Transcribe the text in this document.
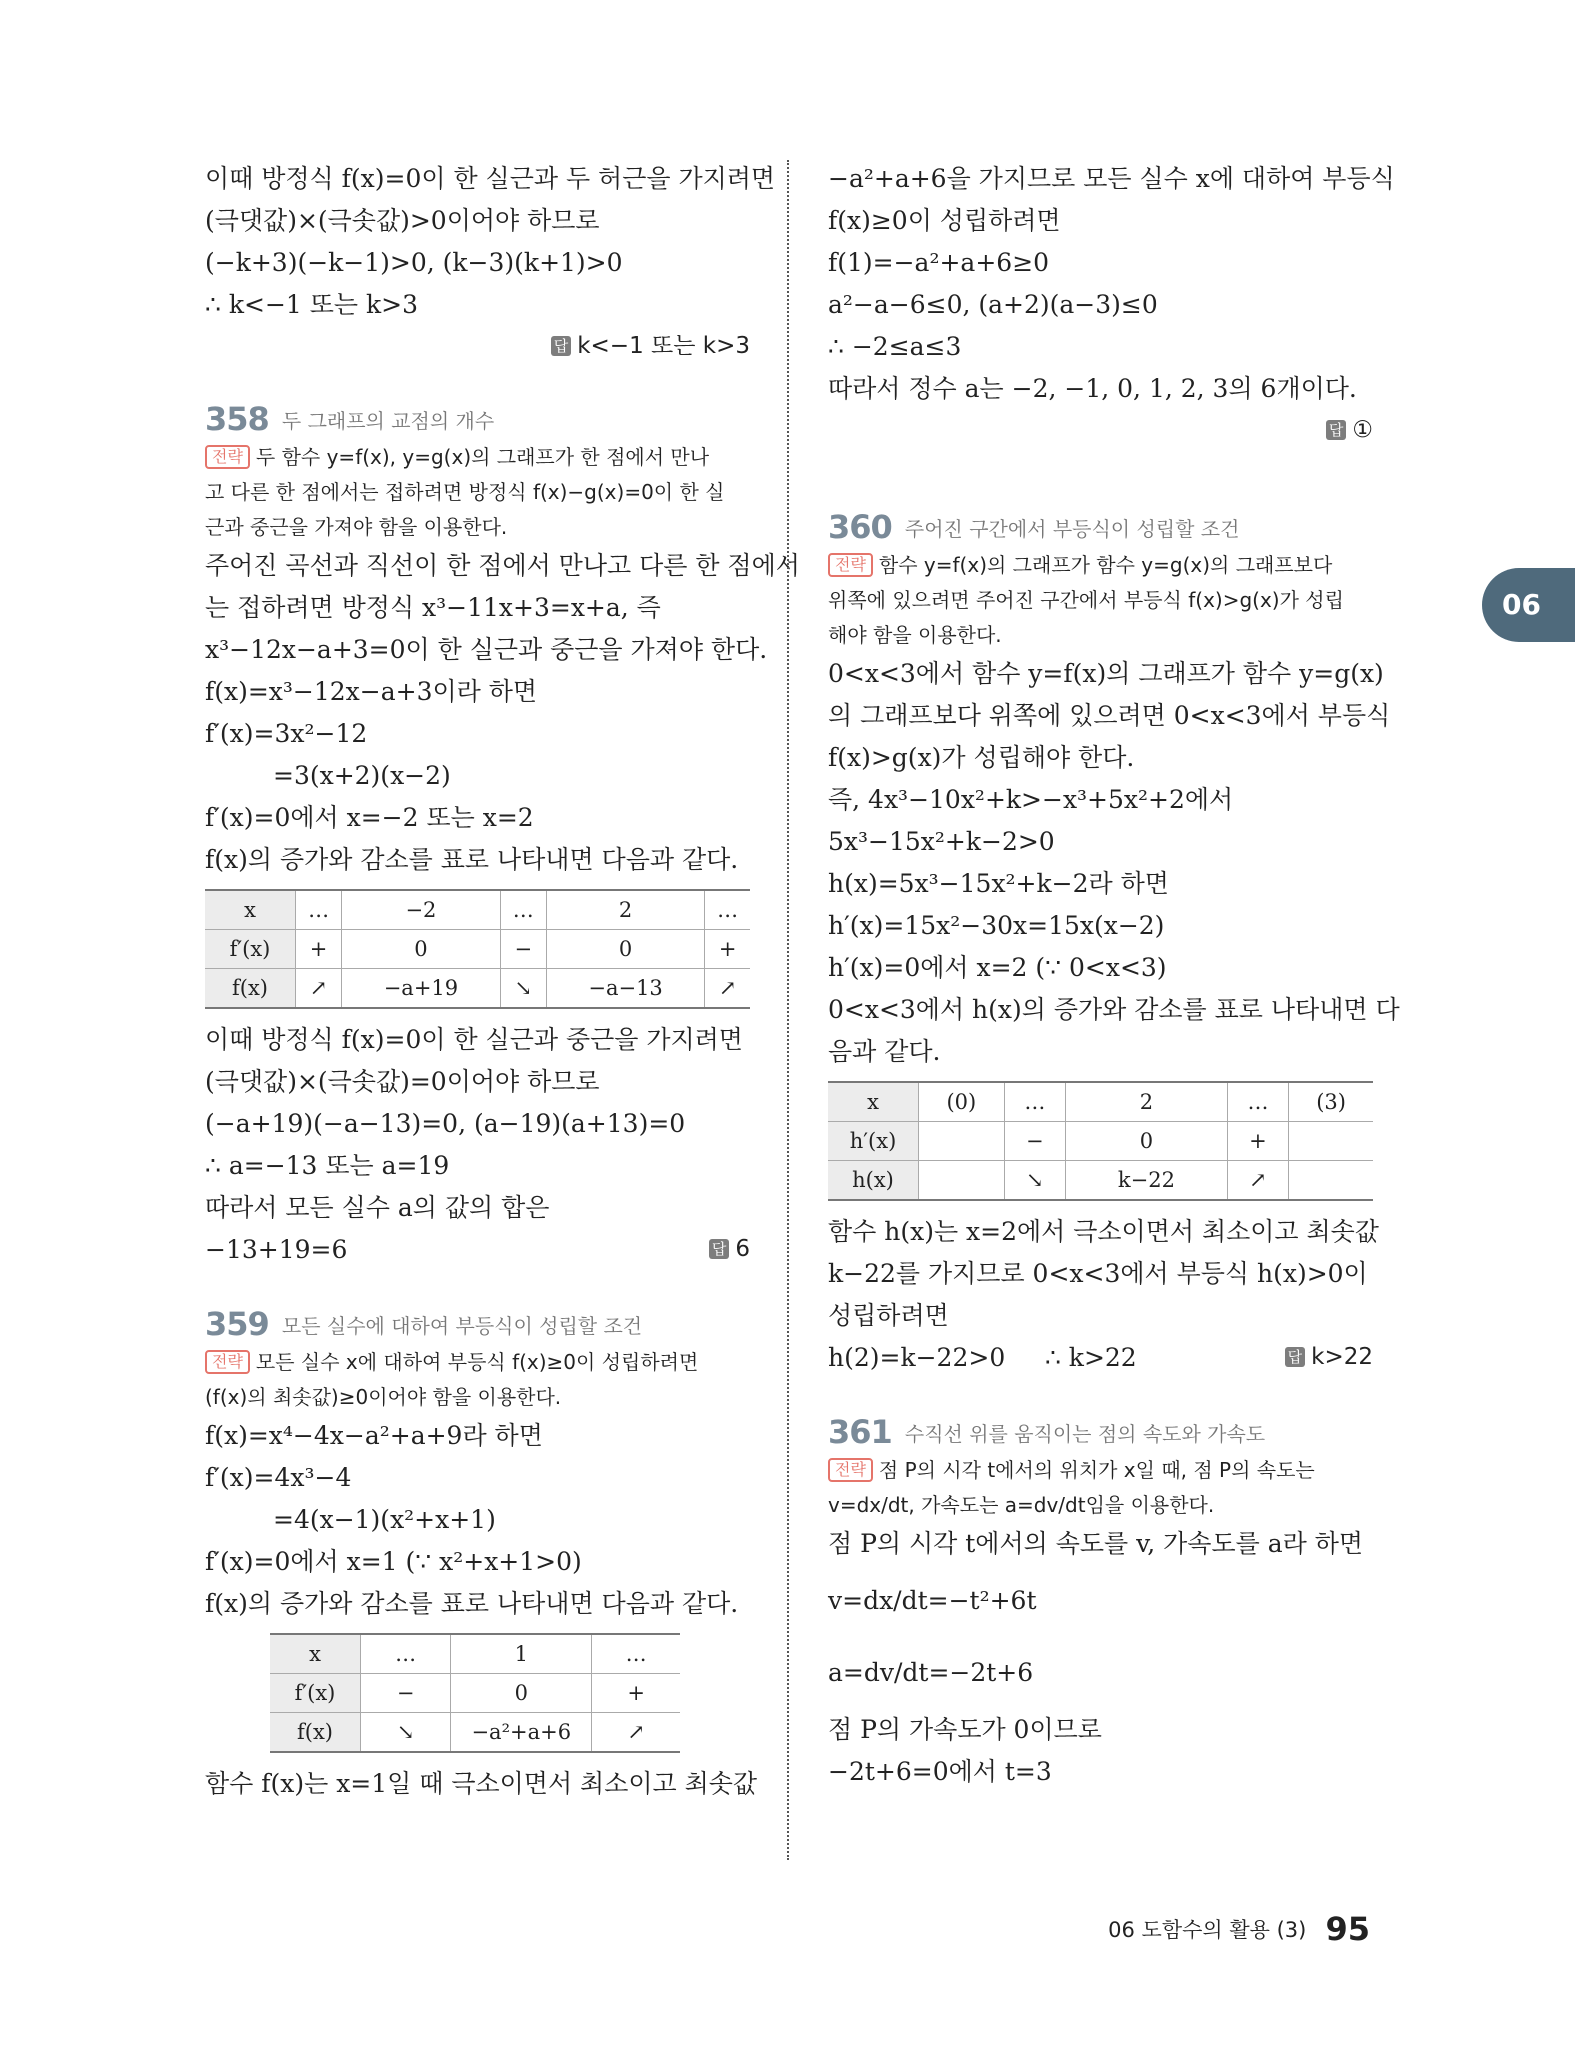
이때 방정식 f(x)=0이 한 실근과 두 허근을 가지려면
(극댓값)×(극솟값)>0이어야 하므로
(−k+3)(−k−1)>0, (k−3)(k+1)>0
∴ k<−1 또는 k>3
답 k<−1 또는 k>3
358 두 그래프의 교점의 개수
전략 두 함수 y=f(x), y=g(x)의 그래프가 한 점에서 만나
고 다른 한 점에서는 접하려면 방정식 f(x)−g(x)=0이 한 실
근과 중근을 가져야 함을 이용한다.
주어진 곡선과 직선이 한 점에서 만나고 다른 한 점에서
는 접하려면 방정식 x³−11x+3=x+a, 즉
x³−12x−a+3=0이 한 실근과 중근을 가져야 한다.
f(x)=x³−12x−a+3이라 하면
f′(x)=3x²−12
=3(x+2)(x−2)
f′(x)=0에서 x=−2 또는 x=2
f(x)의 증가와 감소를 표로 나타내면 다음과 같다.
x	…	−2	…	2	…
f′(x)	+	0	−	0	+
f(x)	↗	−a+19	↘	−a−13	↗
이때 방정식 f(x)=0이 한 실근과 중근을 가지려면
(극댓값)×(극솟값)=0이어야 하므로
(−a+19)(−a−13)=0, (a−19)(a+13)=0
∴ a=−13 또는 a=19
따라서 모든 실수 a의 값의 합은
−13+19=6	답 6
359 모든 실수에 대하여 부등식이 성립할 조건
전략 모든 실수 x에 대하여 부등식 f(x)≥0이 성립하려면
(f(x)의 최솟값)≥0이어야 함을 이용한다.
f(x)=x⁴−4x−a²+a+9라 하면
f′(x)=4x³−4
=4(x−1)(x²+x+1)
f′(x)=0에서 x=1 (∵ x²+x+1>0)
f(x)의 증가와 감소를 표로 나타내면 다음과 같다.
x	…	1	…
f′(x)	−	0	+
f(x)	↘	−a²+a+6	↗
함수 f(x)는 x=1일 때 극소이면서 최소이고 최솟값
−a²+a+6을 가지므로 모든 실수 x에 대하여 부등식
f(x)≥0이 성립하려면
f(1)=−a²+a+6≥0
a²−a−6≤0, (a+2)(a−3)≤0
∴ −2≤a≤3
따라서 정수 a는 −2, −1, 0, 1, 2, 3의 6개이다.
답 ①
360 주어진 구간에서 부등식이 성립할 조건
전략 함수 y=f(x)의 그래프가 함수 y=g(x)의 그래프보다
위쪽에 있으려면 주어진 구간에서 부등식 f(x)>g(x)가 성립
해야 함을 이용한다.
0<x<3에서 함수 y=f(x)의 그래프가 함수 y=g(x)
의 그래프보다 위쪽에 있으려면 0<x<3에서 부등식
f(x)>g(x)가 성립해야 한다.
즉, 4x³−10x²+k>−x³+5x²+2에서
5x³−15x²+k−2>0
h(x)=5x³−15x²+k−2라 하면
h′(x)=15x²−30x=15x(x−2)
h′(x)=0에서 x=2 (∵ 0<x<3)
0<x<3에서 h(x)의 증가와 감소를 표로 나타내면 다
음과 같다.
x	(0)	…	2	…	(3)
h′(x)		−	0	+	
h(x)		↘	k−22	↗	
함수 h(x)는 x=2에서 극소이면서 최소이고 최솟값
k−22를 가지므로 0<x<3에서 부등식 h(x)>0이
성립하려면
h(2)=k−22>0     ∴ k>22	답 k>22
361 수직선 위를 움직이는 점의 속도와 가속도
전략 점 P의 시각 t에서의 위치가 x일 때, 점 P의 속도는
v=dx/dt, 가속도는 a=dv/dt임을 이용한다.
점 P의 시각 t에서의 속도를 v, 가속도를 a라 하면
v=dx/dt=−t²+6t
a=dv/dt=−2t+6
점 P의 가속도가 0이므로
−2t+6=0에서 t=3
06
06 도함수의 활용 (3) 95
